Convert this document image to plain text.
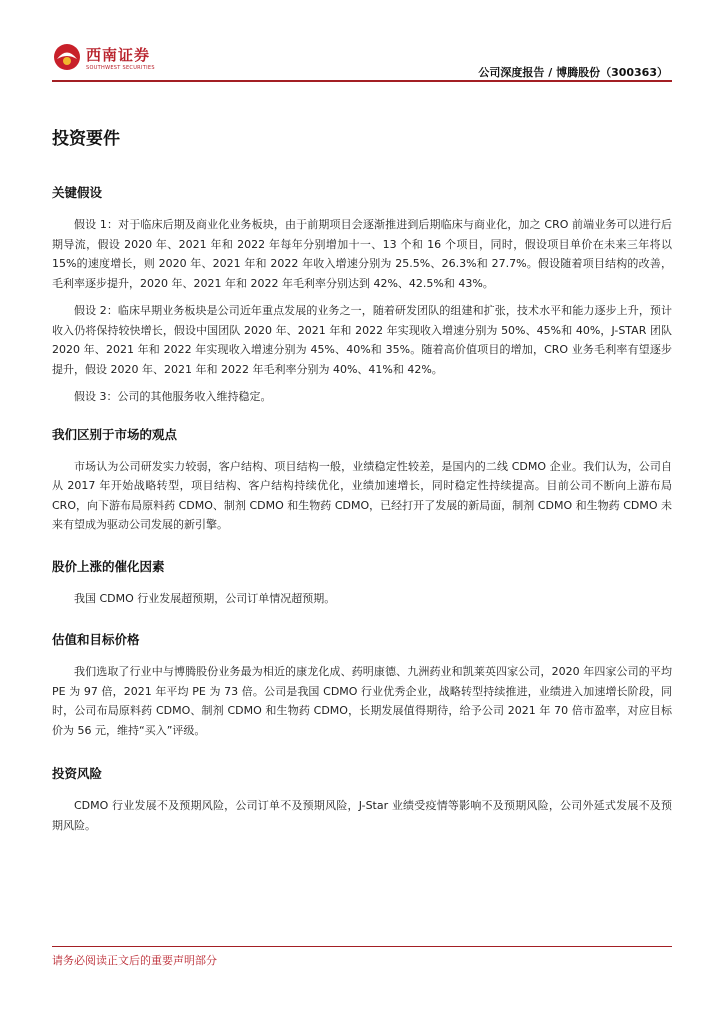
西南证券
SOUTHWEST SECURITIES	公司深度报告 / 博腾股份（300363）
投资要件
关键假设

假设 1：对于临床后期及商业化业务板块，由于前期项目会逐渐推进到后期临床与商业化，加之 CRO 前端业务可以进行后期导流，假设 2020 年、2021 年和 2022 年每年分别增加十一、13 个和 16 个项目，同时，假设项目单价在未来三年将以 15%的速度增长，则 2020 年、2021 年和 2022 年收入增速分别为 25.5%、26.3%和 27.7%。假设随着项目结构的改善，毛利率逐步提升，2020 年、2021 年和 2022 年毛利率分别达到 42%、42.5%和 43%。

假设 2：临床早期业务板块是公司近年重点发展的业务之一，随着研发团队的组建和扩张，技术水平和能力逐步上升，预计收入仍将保持较快增长，假设中国团队 2020 年、2021 年和 2022 年实现收入增速分别为 50%、45%和 40%，J-STAR 团队 2020 年、2021 年和 2022 年实现收入增速分别为 45%、40%和 35%。随着高价值项目的增加，CRO 业务毛利率有望逐步提升，假设 2020 年、2021 年和 2022 年毛利率分别为 40%、41%和 42%。

假设 3：公司的其他服务收入维持稳定。

我们区别于市场的观点

市场认为公司研发实力较弱，客户结构、项目结构一般，业绩稳定性较差，是国内的二线 CDMO 企业。我们认为，公司自从 2017 年开始战略转型，项目结构、客户结构持续优化，业绩加速增长，同时稳定性持续提高。目前公司不断向上游布局 CRO，向下游布局原料药 CDMO、制剂 CDMO 和生物药 CDMO，已经打开了发展的新局面，制剂 CDMO 和生物药 CDMO 未来有望成为驱动公司发展的新引擎。

股价上涨的催化因素

我国 CDMO 行业发展超预期，公司订单情况超预期。

估值和目标价格

我们选取了行业中与博腾股份业务最为相近的康龙化成、药明康德、九洲药业和凯莱英四家公司，2020 年四家公司的平均 PE 为 97 倍，2021 年平均 PE 为 73 倍。公司是我国 CDMO 行业优秀企业，战略转型持续推进，业绩进入加速增长阶段，同时，公司布局原料药 CDMO、制剂 CDMO 和生物药 CDMO，长期发展值得期待，给予公司 2021 年 70 倍市盈率，对应目标价为 56 元，维持“买入”评级。

投资风险

CDMO 行业发展不及预期风险，公司订单不及预期风险，J-Star 业绩受疫情等影响不及预期风险，公司外延式发展不及预期风险。

请务必阅读正文后的重要声明部分
